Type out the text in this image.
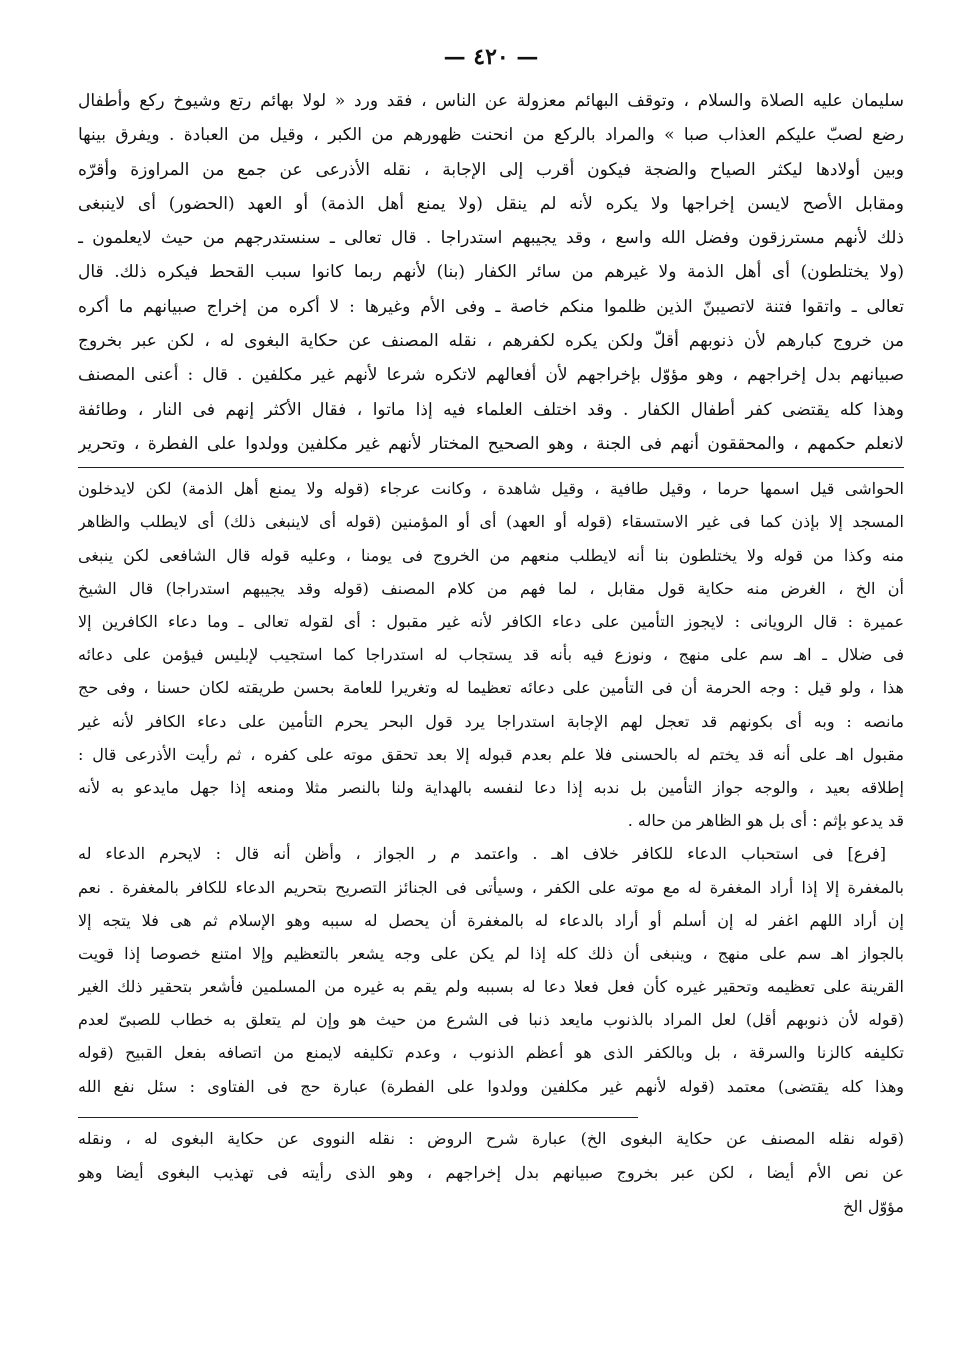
— ٤٢٠ —
سليمان عليه الصلاة والسلام ، وتوقف البهائم معزولة عن الناس ، فقد ورد « لولا بهائم رتع وشيوخ ركع وأطفال
رضع لصبّ عليكم العذاب صبا » والمراد بالركع من انحنت ظهورهم من الكبر ، وقيل من العبادة . ويفرق بينها
وبين أولادها ليكثر الصياح والضجة فيكون أقرب إلى الإجابة ، نقله الأذرعى عن جمع من المراوزة وأقرّه
ومقابل الأصح لايسن إخراجها ولا يكره لأنه لم ينقل (ولا يمنع أهل الذمة) أو العهد (الحضور) أى لاينبغى
ذلك لأنهم مسترزقون وفضل الله واسع ، وقد يجيبهم استدراجا . قال تعالى ـ سنستدرجهم من حيث لايعلمون ـ
(ولا يختلطون) أى أهل الذمة ولا غيرهم من سائر الكفار (بنا) لأنهم ربما كانوا سبب القحط فيكره ذلك. قال
تعالى ـ واتقوا فتنة لاتصيبنّ الذين ظلموا منكم خاصة ـ وفى الأم وغيرها : لا أكره من إخراج صبيانهم ما أكره
من خروج كبارهم لأن ذنوبهم أقلّ ولكن يكره لكفرهم ، نقله المصنف عن حكاية البغوى له ، لكن عبر بخروج
صبيانهم بدل إخراجهم ، وهو مؤوّل بإخراجهم لأن أفعالهم لاتكره شرعا لأنهم غير مكلفين . قال : أعنى المصنف
وهذا كله يقتضى كفر أطفال الكفار . وقد اختلف العلماء فيه إذا ماتوا ، فقال الأكثر إنهم فى النار ، وطائفة
لانعلم حكمهم ، والمحققون أنهم فى الجنة ، وهو الصحيح المختار لأنهم غير مكلفين وولدوا على الفطرة ، وتحرير
الحواشى قيل اسمها حرما ، وقيل طافية ، وقيل شاهدة ، وكانت عرجاء (قوله ولا يمنع أهل الذمة) لكن لايدخلون
المسجد إلا بإذن كما فى غير الاستسقاء (قوله أو العهد) أى أو المؤمنين (قوله أى لاينبغى ذلك) أى لايطلب والظاهر
منه وكذا من قوله ولا يختلطون بنا أنه لايطلب منعهم من الخروج فى يومنا ، وعليه قوله قال الشافعى لكن ينبغى
أن الخ ، الغرض منه حكاية قول مقابل ، لما فهم من كلام المصنف (قوله وقد يجيبهم استدراجا) قال الشيخ
عميرة : قال الرويانى : لايجوز التأمين على دعاء الكافر لأنه غير مقبول : أى لقوله تعالى ـ وما دعاء الكافرين إلا
فى ضلال ـ اهـ سم على منهج ، ونوزع فيه بأنه قد يستجاب له استدراجا كما استجيب لإبليس فيؤمن على دعائه
هذا ، ولو قيل : وجه الحرمة أن فى التأمين على دعائه تعظيما له وتغريرا للعامة بحسن طريقته لكان حسنا ، وفى حج
مانصه : وبه أى بكونهم قد تعجل لهم الإجابة استدراجا يرد قول البحر يحرم التأمين على دعاء الكافر لأنه غير
مقبول اهـ على أنه قد يختم له بالحسنى فلا علم بعدم قبوله إلا بعد تحقق موته على كفره ، ثم رأيت الأذرعى قال :
إطلاقه بعيد ، والوجه جواز التأمين بل ندبه إذا دعا لنفسه بالهداية ولنا بالنصر مثلا ومنعه إذا جهل مايدعو به لأنه
قد يدعو بإثم : أى بل هو الظاهر من حاله .
[فرع] فى استحباب الدعاء للكافر خلاف اهـ . واعتمد م ر الجواز ، وأظن أنه قال : لايحرم الدعاء له
بالمغفرة إلا إذا أراد المغفرة له مع موته على الكفر ، وسيأتى فى الجنائز التصريح بتحريم الدعاء للكافر بالمغفرة . نعم
إن أراد اللهم اغفر له إن أسلم أو أراد بالدعاء له بالمغفرة أن يحصل له سببه وهو الإسلام ثم هى فلا يتجه إلا
بالجواز اهـ سم على منهج ، وينبغى أن ذلك كله إذا لم يكن على وجه يشعر بالتعظيم وإلا امتنع خصوصا إذا قويت
القرينة على تعظيمه وتحقير غيره كأن فعل فعلا دعا له بسببه ولم يقم به غيره من المسلمين فأشعر بتحقير ذلك الغير
(قوله لأن ذنوبهم أقل) لعل المراد بالذنوب مايعد ذنبا فى الشرع من حيث هو وإن لم يتعلق به خطاب للصبىّ لعدم
تكليفه كالزنا والسرقة ، بل وبالكفر الذى هو أعظم الذنوب ، وعدم تكليفه لايمنع من اتصافه بفعل القبيح (قوله
وهذا كله يقتضى) معتمد (قوله لأنهم غير مكلفين وولدوا على الفطرة) عبارة حج فى الفتاوى : سئل نفع الله
(قوله نقله المصنف عن حكاية البغوى الخ) عبارة شرح الروض : نقله النووى عن حكاية البغوى له ، ونقله
عن نص الأم أيضا ، لكن عبر بخروج صبيانهم بدل إخراجهم ، وهو الذى رأيته فى تهذيب البغوى أيضا وهو
مؤوّل الخ
